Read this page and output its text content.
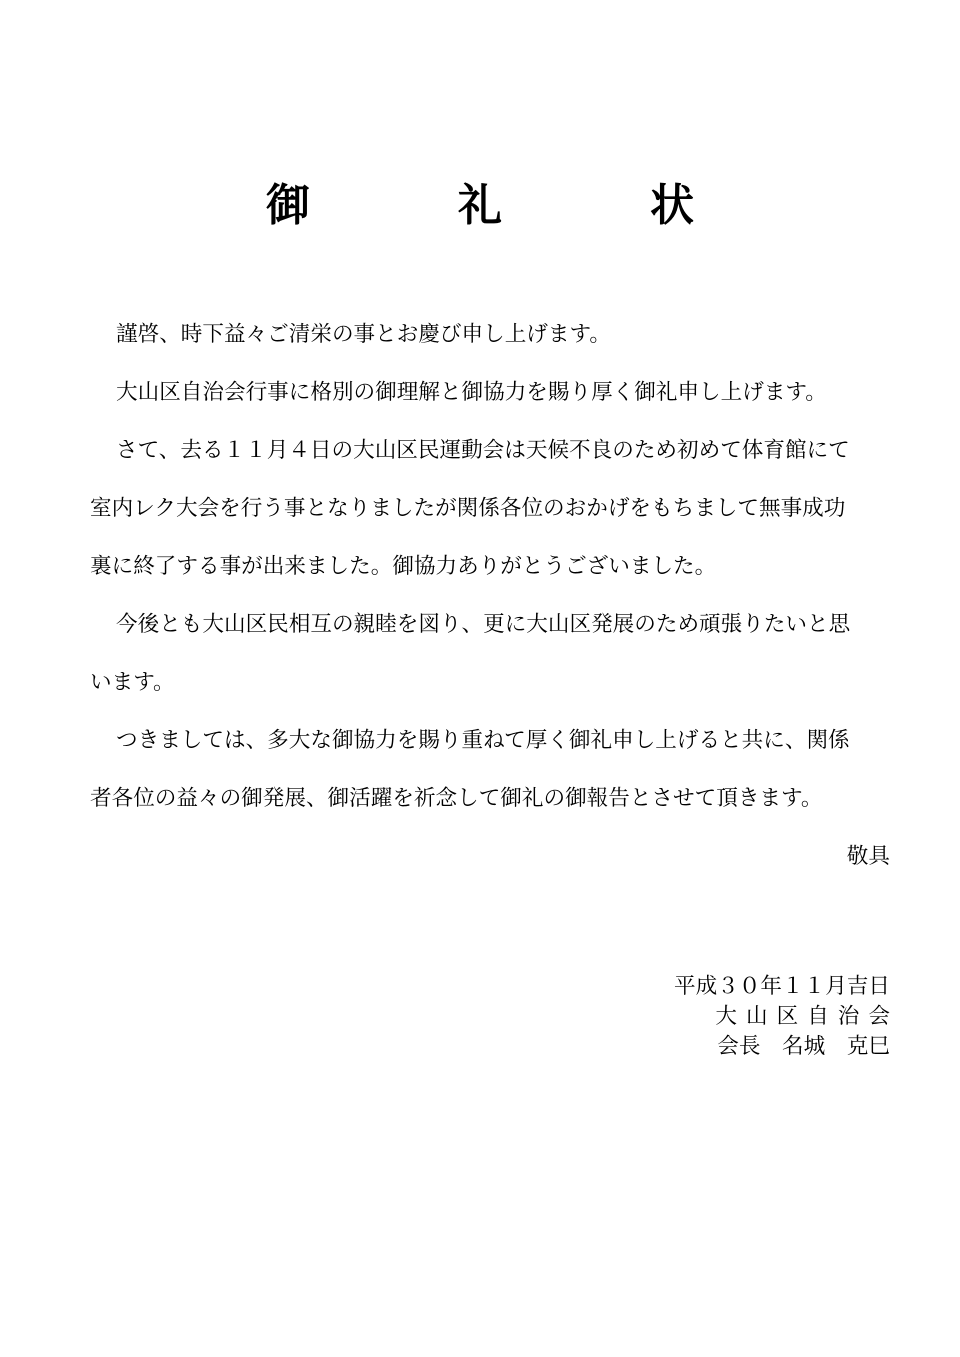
御	礼	状
謹啓、時下益々ご清栄の事とお慶び申し上げます。
大山区自治会行事に格別の御理解と御協力を賜り厚く御礼申し上げます。
さて、去る１１月４日の大山区民運動会は天候不良のため初めて体育館にて
室内レク大会を行う事となりましたが関係各位のおかげをもちまして無事成功
裏に終了する事が出来ました。御協力ありがとうございました。
今後とも大山区民相互の親睦を図り、更に大山区発展のため頑張りたいと思
います。
つきましては、多大な御協力を賜り重ねて厚く御礼申し上げると共に、関係
者各位の益々の御発展、御活躍を祈念して御礼の御報告とさせて頂きます。
敬具
平成３０年１１月吉日
大山区自治会
会長　名城　克巳
